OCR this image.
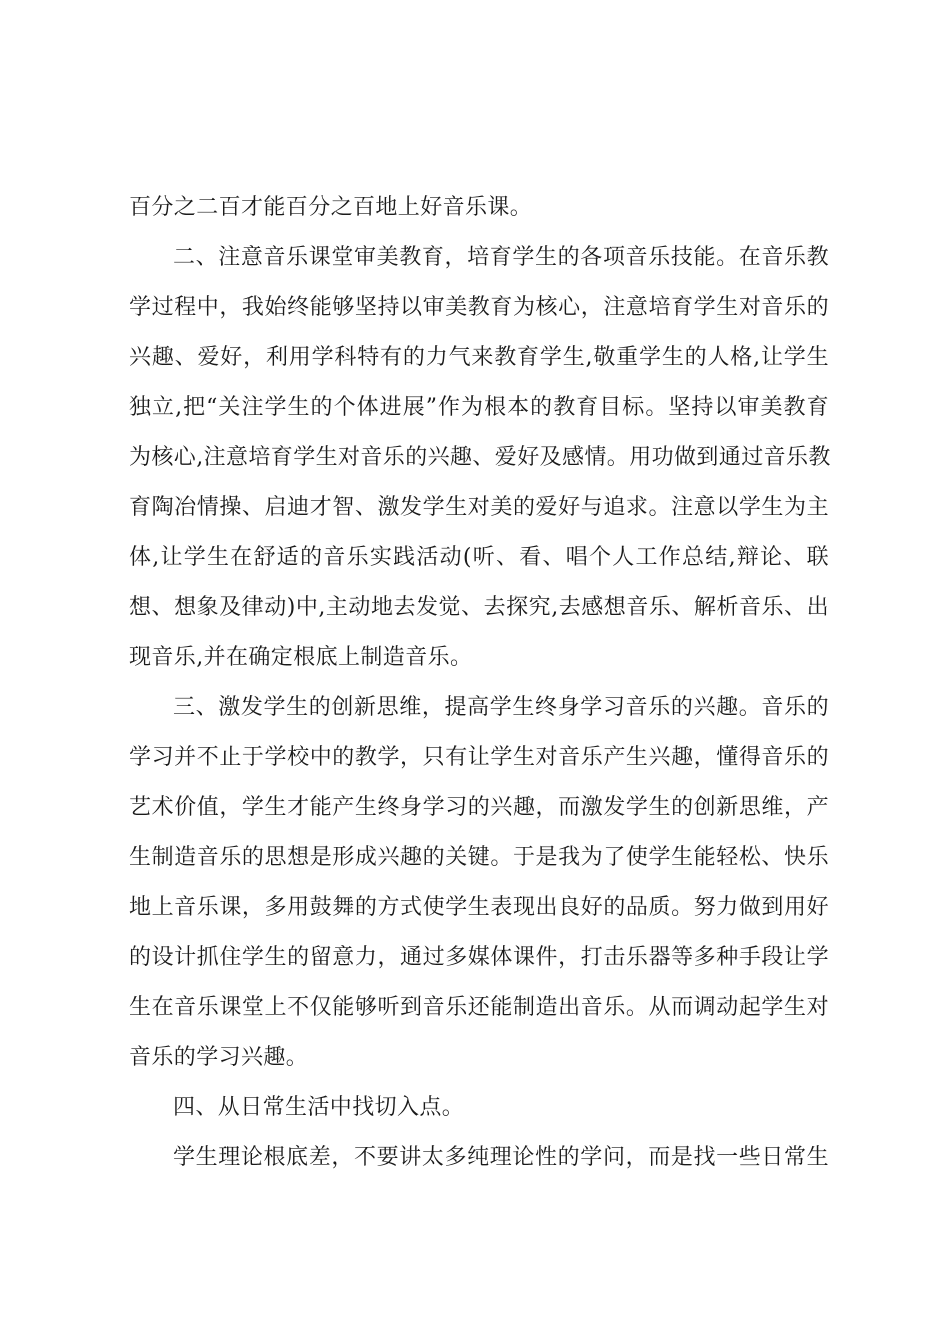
百分之二百才能百分之百地上好音乐课。
二、注意音乐课堂审美教育，培育学生的各项音乐技能。在音乐教
学过程中，我始终能够坚持以审美教育为核心，注意培育学生对音乐的
兴趣、爱好，利用学科特有的力气来教育学生,敬重学生的人格,让学生
独立,把“关注学生的个体进展”作为根本的教育目标。坚持以审美教育
为核心,注意培育学生对音乐的兴趣、爱好及感情。用功做到通过音乐教
育陶冶情操、启迪才智、激发学生对美的爱好与追求。注意以学生为主
体,让学生在舒适的音乐实践活动(听、看、唱个人工作总结,辩论、联
想、想象及律动)中,主动地去发觉、去探究,去感想音乐、解析音乐、出
现音乐,并在确定根底上制造音乐。
三、激发学生的创新思维，提高学生终身学习音乐的兴趣。音乐的
学习并不止于学校中的教学，只有让学生对音乐产生兴趣，懂得音乐的
艺术价值，学生才能产生终身学习的兴趣，而激发学生的创新思维，产
生制造音乐的思想是形成兴趣的关键。于是我为了使学生能轻松、快乐
地上音乐课，多用鼓舞的方式使学生表现出良好的品质。努力做到用好
的设计抓住学生的留意力，通过多媒体课件，打击乐器等多种手段让学
生在音乐课堂上不仅能够听到音乐还能制造出音乐。从而调动起学生对
音乐的学习兴趣。
四、从日常生活中找切入点。
学生理论根底差，不要讲太多纯理论性的学问，而是找一些日常生
